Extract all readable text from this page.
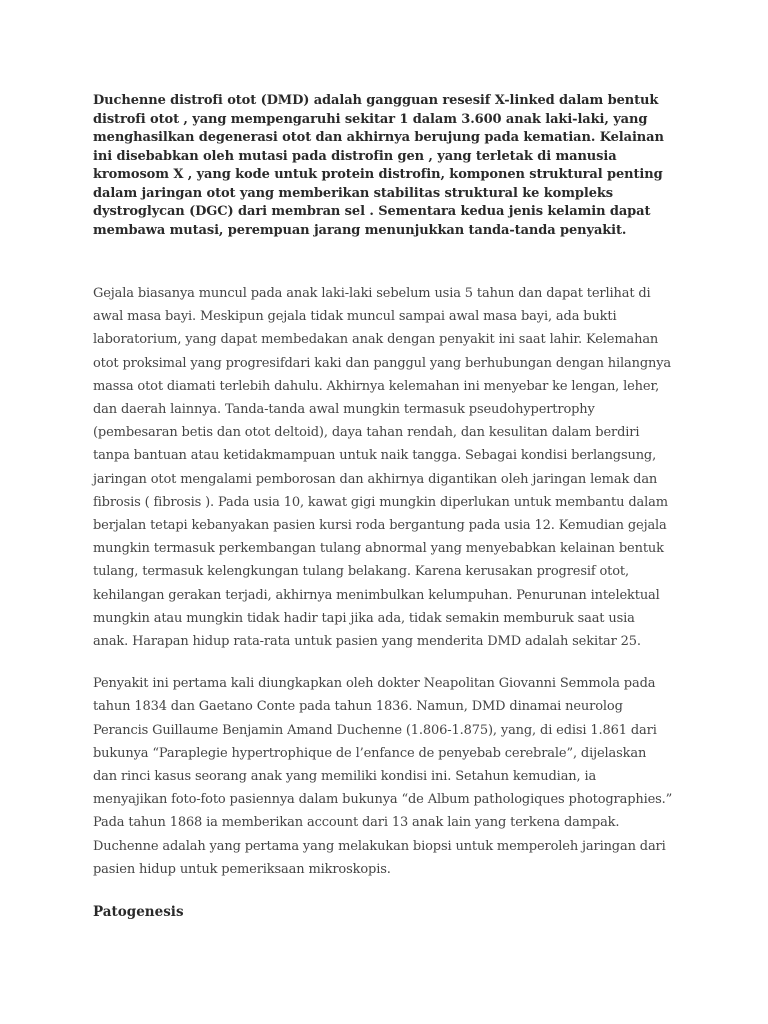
Duchenne distrofi otot (DMD) adalah gangguan resesif X-linked dalam bentuk distrofi otot , yang mempengaruhi sekitar 1 dalam 3.600 anak laki-laki, yang menghasilkan degenerasi otot dan akhirnya berujung pada kematian. Kelainan ini disebabkan oleh mutasi pada distrofin gen , yang terletak di manusia kromosom X , yang kode untuk protein distrofin, komponen struktural penting dalam jaringan otot yang memberikan stabilitas struktural ke kompleks dystroglycan (DGC) dari membran sel . Sementara kedua jenis kelamin dapat membawa mutasi, perempuan jarang menunjukkan tanda-tanda penyakit.

Gejala biasanya muncul pada anak laki-laki sebelum usia 5 tahun dan dapat terlihat di awal masa bayi. Meskipun gejala tidak muncul sampai awal masa bayi, ada bukti laboratorium, yang dapat membedakan anak dengan penyakit ini saat lahir. Kelemahan otot proksimal yang progresifdari kaki dan panggul yang berhubungan dengan hilangnya massa otot diamati terlebih dahulu. Akhirnya kelemahan ini menyebar ke lengan, leher, dan daerah lainnya. Tanda-tanda awal mungkin termasuk pseudohypertrophy (pembesaran betis dan otot deltoid), daya tahan rendah, dan kesulitan dalam berdiri tanpa bantuan atau ketidakmampuan untuk naik tangga. Sebagai kondisi berlangsung, jaringan otot mengalami pemborosan dan akhirnya digantikan oleh jaringan lemak dan fibrosis ( fibrosis ). Pada usia 10, kawat gigi mungkin diperlukan untuk membantu dalam berjalan tetapi kebanyakan pasien kursi roda bergantung pada usia 12. Kemudian gejala mungkin termasuk perkembangan tulang abnormal yang menyebabkan kelainan bentuk tulang, termasuk kelengkungan tulang belakang. Karena kerusakan progresif otot, kehilangan gerakan terjadi, akhirnya menimbulkan kelumpuhan. Penurunan intelektual mungkin atau mungkin tidak hadir tapi jika ada, tidak semakin memburuk saat usia anak. Harapan hidup rata-rata untuk pasien yang menderita DMD adalah sekitar 25.

Penyakit ini pertama kali diungkapkan oleh dokter Neapolitan Giovanni Semmola pada tahun 1834 dan Gaetano Conte pada tahun 1836. Namun, DMD dinamai neurolog Perancis Guillaume Benjamin Amand Duchenne (1.806-1.875), yang, di edisi 1.861 dari bukunya “Paraplegie hypertrophique de l’enfance de penyebab cerebrale”, dijelaskan dan rinci kasus seorang anak yang memiliki kondisi ini. Setahun kemudian, ia menyajikan foto-foto pasiennya dalam bukunya “de Album pathologiques photographies.” Pada tahun 1868 ia memberikan account dari 13 anak lain yang terkena dampak. Duchenne adalah yang pertama yang melakukan biopsi untuk memperoleh jaringan dari pasien hidup untuk pemeriksaan mikroskopis.

Patogenesis
